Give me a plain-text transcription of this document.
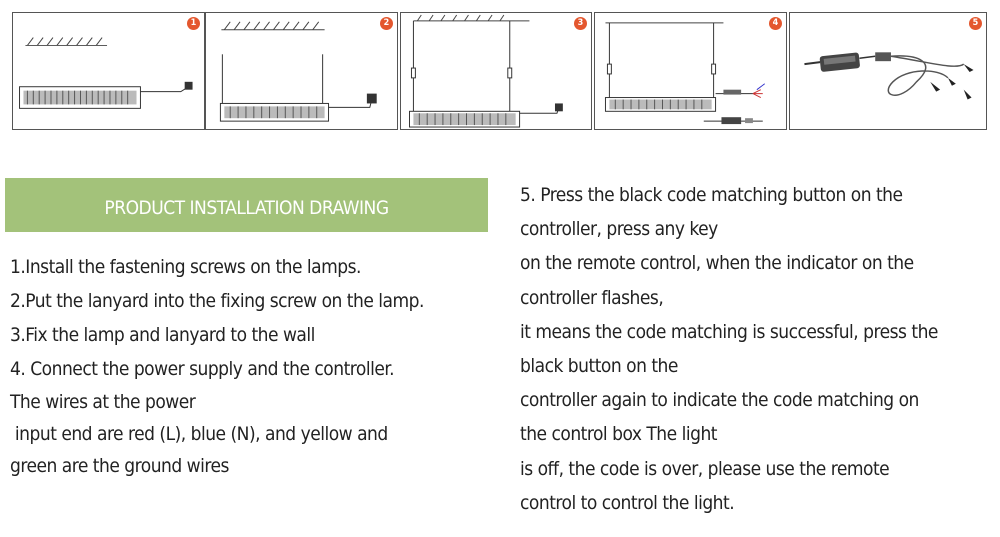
1	2	3	4	5
PRODUCT INSTALLATION DRAWING
1.Install the fastening screws on the lamps.
2.Put the lanyard into the fixing screw on the lamp.
3.Fix the lamp and lanyard to the wall
4. Connect the power supply and the controller.
The wires at the power
input end are red (L), blue (N), and yellow and
green are the ground wires
5. Press the black code matching button on the
controller, press any key
on the remote control, when the indicator on the
controller flashes,
it means the code matching is successful, press the
black button on the
controller again to indicate the code matching on
the control box The light
is off, the code is over, please use the remote
control to control the light.
